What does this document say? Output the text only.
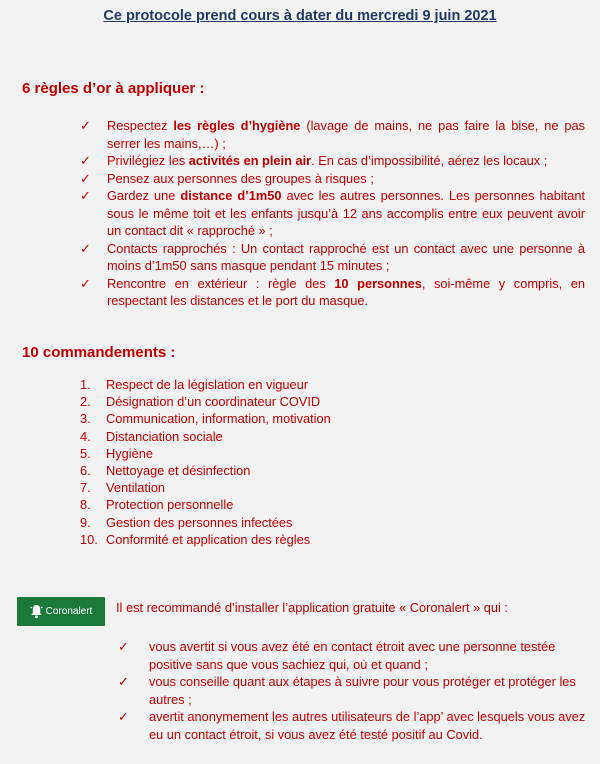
Ce protocole prend cours à dater du mercredi 9 juin 2021
6 règles d’or à appliquer :
✓ Respectez les règles d’hygiène (lavage de mains, ne pas faire la bise, ne pas serrer les mains,…) ;
✓ Privilégiez les activités en plein air. En cas d’impossibilité, aérez les locaux ;
✓ Pensez aux personnes des groupes à risques ;
✓ Gardez une distance d’1m50 avec les autres personnes. Les personnes habitant sous le même toit et les enfants jusqu’à 12 ans accomplis entre eux peuvent avoir un contact dit « rapproché » ;
✓ Contacts rapprochés : Un contact rapproché est un contact avec une personne à moins d’1m50 sans masque pendant 15 minutes ;
✓ Rencontre en extérieur : règle des 10 personnes, soi-même y compris, en respectant les distances et le port du masque.
10 commandements :
1. Respect de la législation en vigueur
2. Désignation d’un coordinateur COVID
3. Communication, information, motivation
4. Distanciation sociale
5. Hygiène
6. Nettoyage et désinfection
7. Ventilation
8. Protection personnelle
9. Gestion des personnes infectées
10. Conformité et application des règles
Coronalert Il est recommandé d’installer l’application gratuite « Coronalert » qui :
✓ vous avertit si vous avez été en contact étroit avec une personne testée positive sans que vous sachiez qui, où et quand ;
✓ vous conseille quant aux étapes à suivre pour vous protéger et protéger les autres ;
✓ avertit anonymement les autres utilisateurs de l’app’ avec lesquels vous avez eu un contact étroit, si vous avez été testé positif au Covid.
